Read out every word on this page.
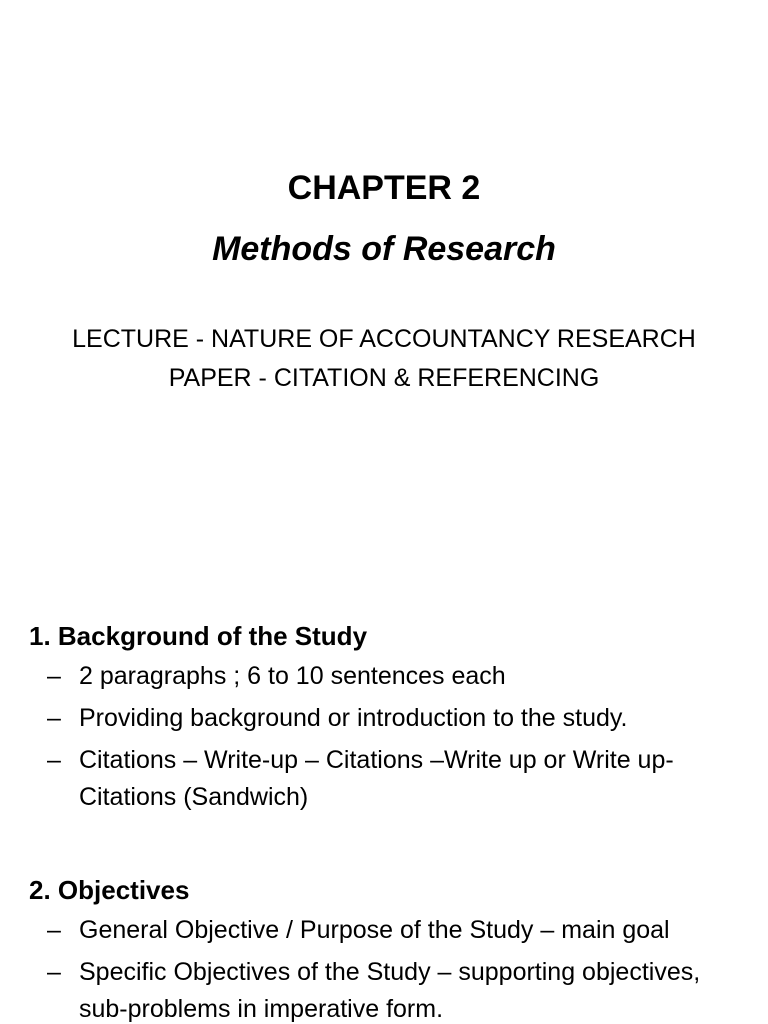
CHAPTER 2
Methods of Research
LECTURE - NATURE OF ACCOUNTANCY RESEARCH
PAPER - CITATION & REFERENCING
1. Background of the Study
– 2 paragraphs ; 6 to 10 sentences each
– Providing background or introduction to the study.
– Citations – Write-up – Citations –Write up or Write up-Citations (Sandwich)
2. Objectives
– General Objective / Purpose of the Study – main goal
– Specific Objectives of the Study – supporting objectives, sub-problems in imperative form.
